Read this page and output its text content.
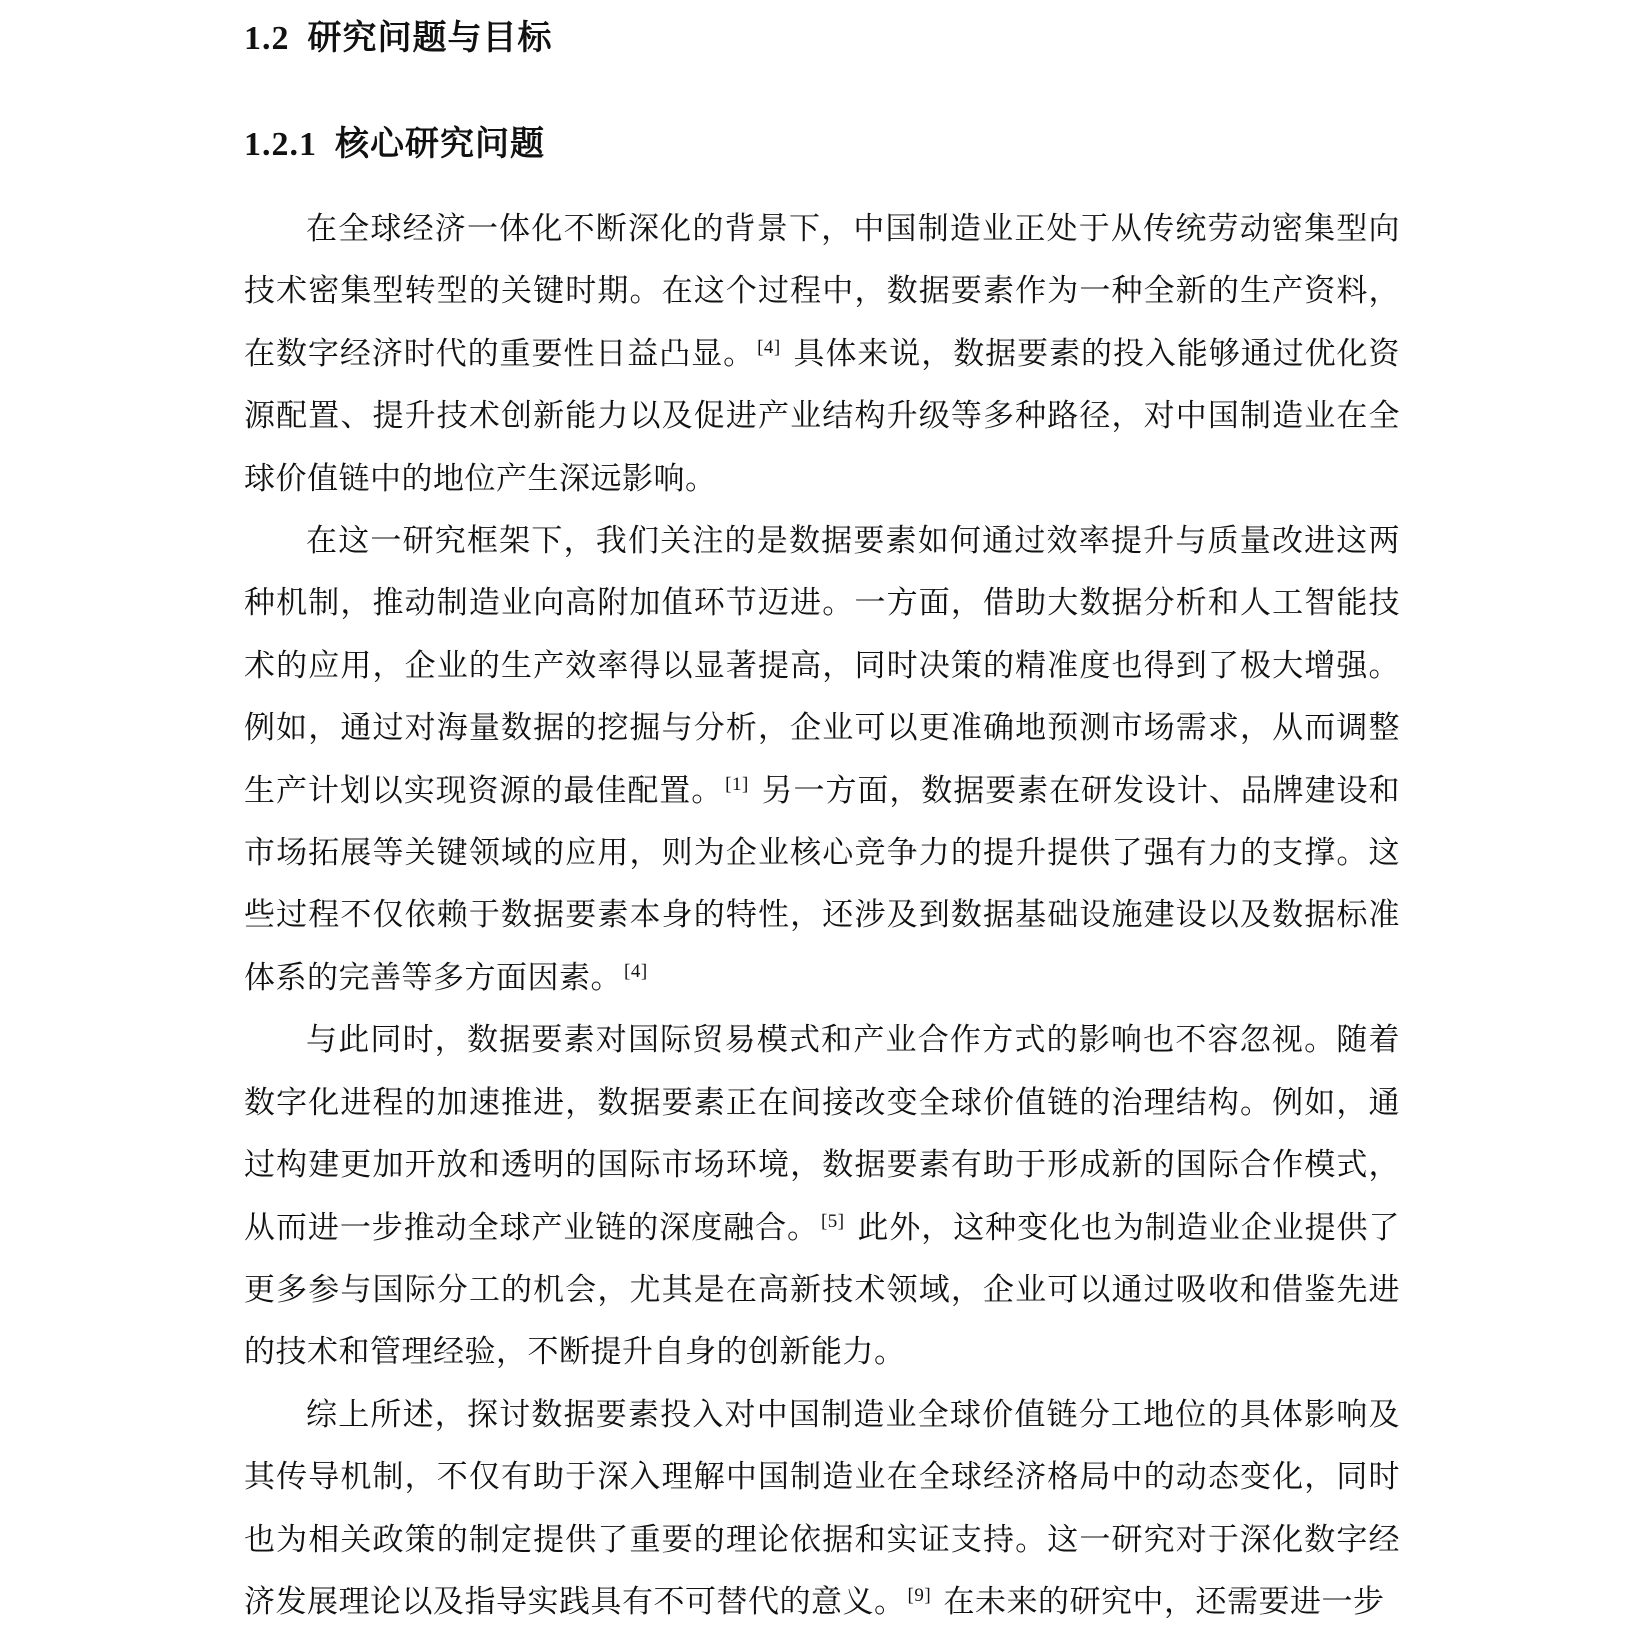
1.2 研究问题与目标
1.2.1 核心研究问题

在全球经济一体化不断深化的背景下，中国制造业正处于从传统劳动密集型向技术密集型转型的关键时期。在这个过程中，数据要素作为一种全新的生产资料，在数字经济时代的重要性日益凸显。 [4] 具体来说，数据要素的投入能够通过优化资源配置、提升技术创新能力以及促进产业结构升级等多种路径，对中国制造业在全球价值链中的地位产生深远影响。

在这一研究框架下，我们关注的是数据要素如何通过效率提升与质量改进这两种机制，推动制造业向高附加值环节迈进。一方面，借助大数据分析和人工智能技术的应用，企业的生产效率得以显著提高，同时决策的精准度也得到了极大增强。例如，通过对海量数据的挖掘与分析，企业可以更准确地预测市场需求，从而调整生产计划以实现资源的最佳配置。 [1] 另一方面，数据要素在研发设计、品牌建设和市场拓展等关键领域的应用，则为企业核心竞争力的提升提供了强有力的支撑。这些过程不仅依赖于数据要素本身的特性，还涉及到数据基础设施建设以及数据标准体系的完善等多方面因素。 [4]

与此同时，数据要素对国际贸易模式和产业合作方式的影响也不容忽视。随着数字化进程的加速推进，数据要素正在间接改变全球价值链的治理结构。例如，通过构建更加开放和透明的国际市场环境，数据要素有助于形成新的国际合作模式，从而进一步推动全球产业链的深度融合。 [5] 此外，这种变化也为制造业企业提供了更多参与国际分工的机会，尤其是在高新技术领域，企业可以通过吸收和借鉴先进的技术和管理经验，不断提升自身的创新能力。

综上所述，探讨数据要素投入对中国制造业全球价值链分工地位的具体影响及其传导机制，不仅有助于深入理解中国制造业在全球经济格局中的动态变化，同时也为相关政策的制定提供了重要的理论依据和实证支持。这一研究对于深化数字经济发展理论以及指导实践具有不可替代的意义。 [9] 在未来的研究中，还需要进一步
